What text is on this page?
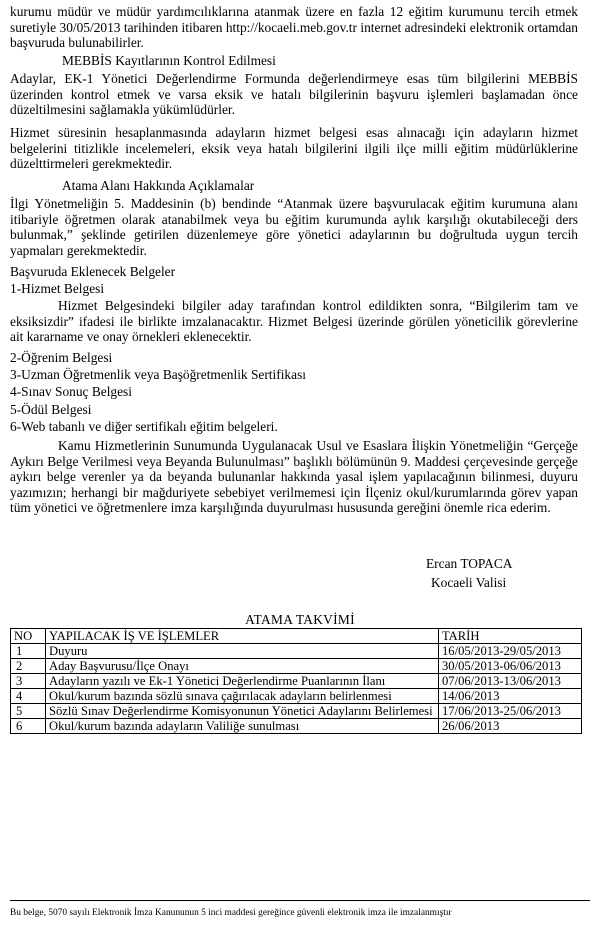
kurumu müdür ve müdür yardımcılıklarına atanmak üzere en fazla 12 eğitim kurumunu tercih etmek suretiyle 30/05/2013 tarihinden itibaren http://kocaeli.meb.gov.tr internet adresindeki elektronik ortamdan başvuruda bulunabilirler.

MEBBİS Kayıtlarının Kontrol Edilmesi

Adaylar, EK-1 Yönetici Değerlendirme Formunda değerlendirmeye esas tüm bilgilerini MEBBİS üzerinden kontrol etmek ve varsa eksik ve hatalı bilgilerinin başvuru işlemleri başlamadan önce düzeltilmesini sağlamakla yükümlüdürler.

Hizmet süresinin hesaplanmasında adayların hizmet belgesi esas alınacağı için adayların hizmet belgelerini titizlikle incelemeleri, eksik veya hatalı bilgilerini ilgili ilçe milli eğitim müdürlüklerine düzelttirmeleri gerekmektedir.

Atama Alanı Hakkında Açıklamalar

İlgi Yönetmeliğin 5. Maddesinin (b) bendinde “Atanmak üzere başvurulacak eğitim kurumuna alanı itibariyle öğretmen olarak atanabilmek veya bu eğitim kurumunda aylık karşılığı okutabileceği ders bulunmak,” şeklinde getirilen düzenlemeye göre yönetici adaylarının bu doğrultuda uygun tercih yapmaları gerekmektedir.

Başvuruda Eklenecek Belgeler

1-Hizmet Belgesi

Hizmet Belgesindeki bilgiler aday tarafından kontrol edildikten sonra, “Bilgilerim tam ve eksiksizdir” ifadesi ile birlikte imzalanacaktır. Hizmet Belgesi üzerinde görülen yöneticilik görevlerine ait kararname ve onay örnekleri eklenecektir.

2-Öğrenim Belgesi

3-Uzman Öğretmenlik veya Başöğretmenlik Sertifikası

4-Sınav Sonuç Belgesi

5-Ödül Belgesi

6-Web tabanlı ve diğer sertifikalı eğitim belgeleri.

Kamu Hizmetlerinin Sunumunda Uygulanacak Usul ve Esaslara İlişkin Yönetmeliğin “Gerçeğe Aykırı Belge Verilmesi veya Beyanda Bulunulması” başlıklı bölümünün 9. Maddesi çerçevesinde gerçeğe aykırı belge verenler ya da beyanda bulunanlar hakkında yasal işlem yapılacağının bilinmesi, duyuru yazımızın; herhangi bir mağduriyete sebebiyet verilmemesi için İlçeniz okul/kurumlarında görev yapan tüm yönetici ve öğretmenlere imza karşılığında duyurulması hususunda gereğini önemle rica ederim.

Ercan TOPACA
Kocaeli Valisi
ATAMA TAKVİMİ
NO	YAPILACAK İŞ VE İŞLEMLER	TARİH
1	Duyuru	16/05/2013-29/05/2013
2	Aday Başvurusu/İlçe Onayı	30/05/2013-06/06/2013
3	Adayların yazılı ve Ek-1 Yönetici Değerlendirme Puanlarının İlanı	07/06/2013-13/06/2013
4	Okul/kurum bazında sözlü sınava çağırılacak adayların belirlenmesi	14/06/2013
5	Sözlü Sınav Değerlendirme Komisyonunun Yönetici Adaylarını Belirlemesi	17/06/2013-25/06/2013
6	Okul/kurum bazında adayların Valiliğe sunulması	26/06/2013
Bu belge, 5070 sayılı Elektronik İmza Kanununun 5 inci maddesi gereğince güvenli elektronik imza ile imzalanmıştır
